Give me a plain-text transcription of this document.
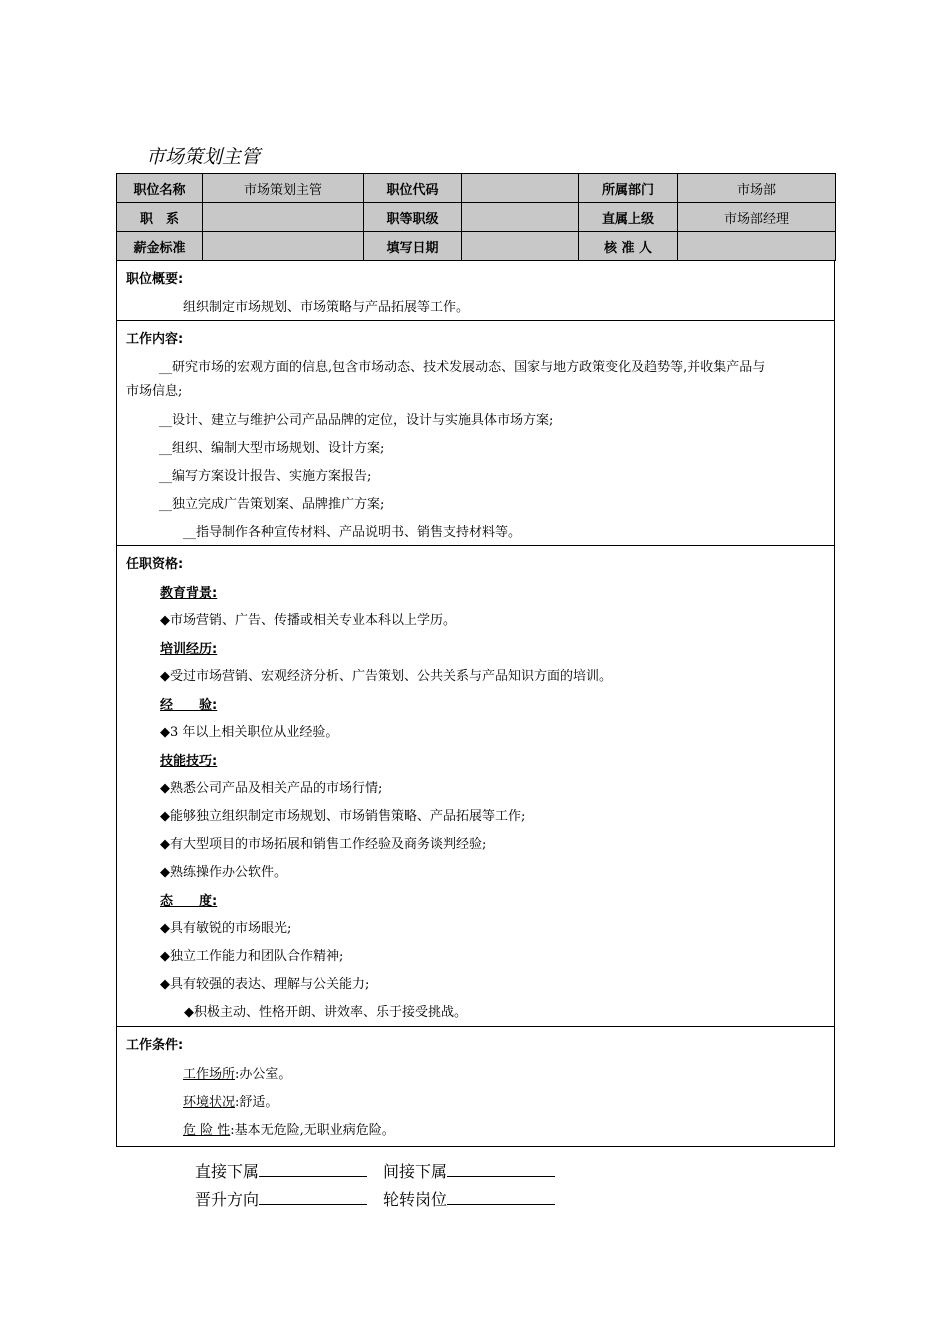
市场策划主管
职位名称	市场策划主管	职位代码		所属部门	市场部
职　系		职等职级		直属上级	市场部经理
薪金标准		填写日期		核 准 人	
职位概要:
组织制定市场规划、市场策略与产品拓展等工作。
工作内容:
__研究市场的宏观方面的信息,包含市场动态、技术发展动态、国家与地方政策变化及趋势等,并收集产品与
市场信息;
__设计、建立与维护公司产品品牌的定位，设计与实施具体市场方案;
__组织、编制大型市场规划、设计方案;
__编写方案设计报告、实施方案报告;
__独立完成广告策划案、品牌推广方案;
__指导制作各种宣传材料、产品说明书、销售支持材料等。
任职资格:
教育背景:
◆市场营销、广告、传播或相关专业本科以上学历。
培训经历:
◆受过市场营销、宏观经济分析、广告策划、公共关系与产品知识方面的培训。
经　　验:
◆3 年以上相关职位从业经验。
技能技巧:
◆熟悉公司产品及相关产品的市场行情;
◆能够独立组织制定市场规划、市场销售策略、产品拓展等工作;
◆有大型项目的市场拓展和销售工作经验及商务谈判经验;
◆熟练操作办公软件。
态　　度:
◆具有敏锐的市场眼光;
◆独立工作能力和团队合作精神;
◆具有较强的表达、理解与公关能力;
◆积极主动、性格开朗、讲效率、乐于接受挑战。
工作条件:
工作场所:办公室。
环境状况:舒适。
危 险 性:基本无危险,无职业病危险。
直接下属	间接下属
晋升方向	轮转岗位
